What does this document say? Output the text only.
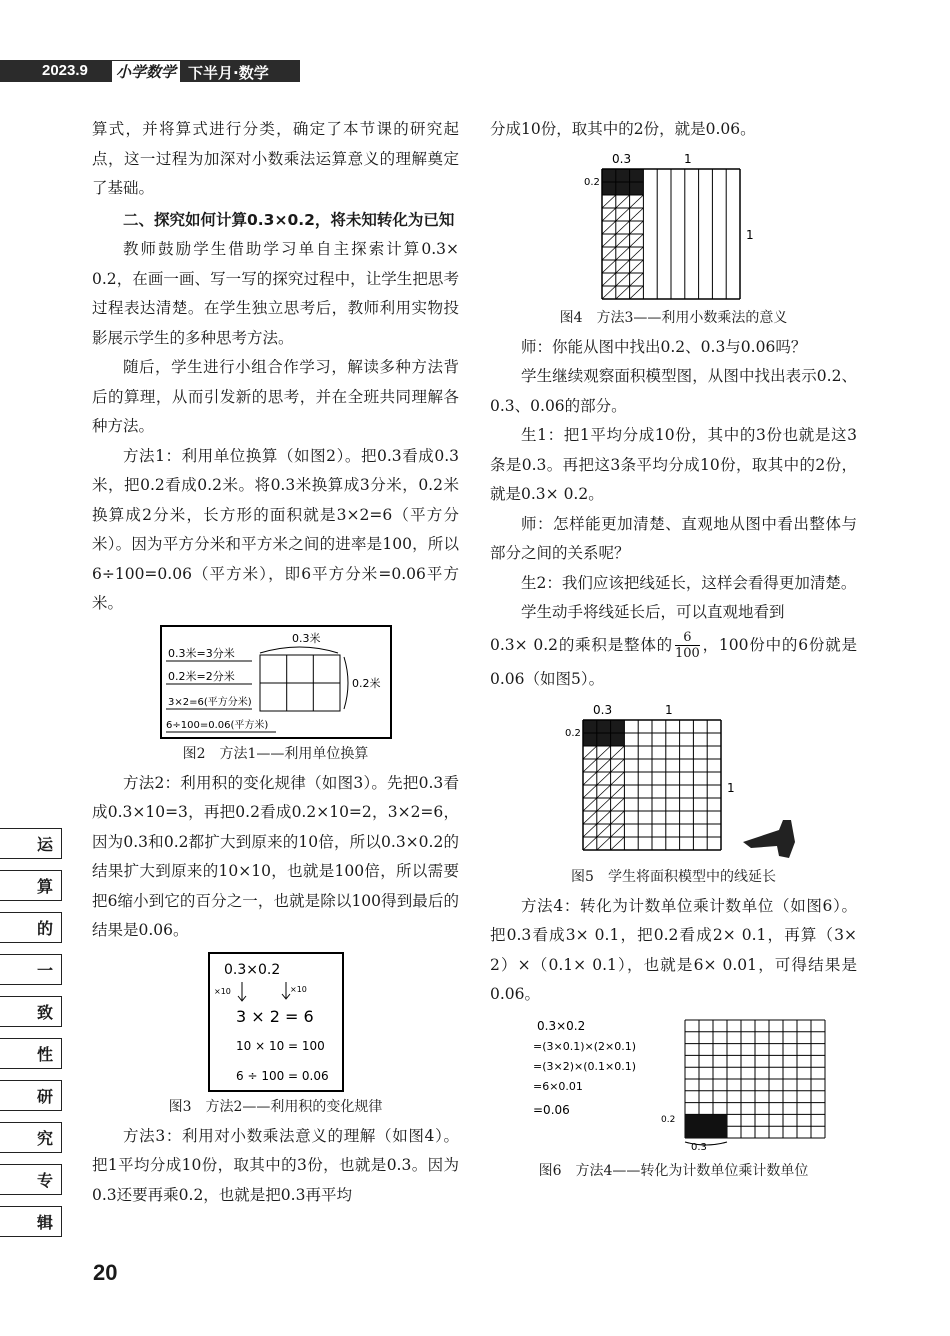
2023.9 小学数学 下半月·数学

算式，并将算式进行分类，确定了本节课的研究起点，这一过程为加深对小数乘法运算意义的理解奠定了基础。

二、探究如何计算0.3×0.2，将未知转化为已知

教师鼓励学生借助学习单自主探索计算0.3× 0.2，在画一画、写一写的探究过程中，让学生把思考过程表达清楚。在学生独立思考后，教师利用实物投影展示学生的多种思考方法。

随后，学生进行小组合作学习，解读多种方法背后的算理，从而引发新的思考，并在全班共同理解各种方法。

方法1：利用单位换算（如图2）。把0.3看成0.3米，把0.2看成0.2米。将0.3米换算成3分米，0.2米换算成2分米，长方形的面积就是3×2=6（平方分米）。因为平方分米和平方米之间的进率是100，所以6÷100=0.06（平方米），即6平方分米=0.06平方米。

0.3米=3分米
0.2米=2分米
3×2=6(平方分米)
6÷100=0.06(平方米)
0.3米
0.2米
图2　方法1——利用单位换算

方法2：利用积的变化规律（如图3）。先把0.3看成0.3×10=3，再把0.2看成0.2×10=2，3×2=6，因为0.3和0.2都扩大到原来的10倍，所以0.3×0.2的结果扩大到原来的10×10，也就是100倍，所以需要把6缩小到它的百分之一，也就是除以100得到最后的结果是0.06。

0.3×0.2
×10	×10
3 × 2 = 6
10 × 10 = 100
6 ÷ 100 = 0.06
图3　方法2——利用积的变化规律

方法3：利用对小数乘法意义的理解（如图4）。把1平均分成10份，取其中的3份，也就是0.3。因为0.3还要再乘0.2，也就是把0.3再平均

分成10份，取其中的2份，就是0.06。

0.3	1
0.2
1
图4　方法3——利用小数乘法的意义

师：你能从图中找出0.2、0.3与0.06吗？

学生继续观察面积模型图，从图中找出表示0.2、0.3、0.06的部分。

生1：把1平均分成10份，其中的3份也就是这3条是0.3。再把这3条平均分成10份，取其中的2份，就是0.3× 0.2。

师：怎样能更加清楚、直观地从图中看出整体与部分之间的关系呢？

生2：我们应该把线延长，这样会看得更加清楚。

学生动手将线延长后，可以直观地看到

0.3× 0.2的乘积是整体的 $\frac{6}{100}$ ，100份中的6份就是0.06（如图5）。

0.3	1
0.2
1
图5　学生将面积模型中的线延长

方法4：转化为计数单位乘计数单位（如图6）。把0.3看成3× 0.1，把0.2看成2× 0.1，再算（3× 2）×（0.1× 0.1），也就是6× 0.01，可得结果是0.06。

0.3×0.2
=(3×0.1)×(2×0.1)
=(3×2)×(0.1×0.1)
=6×0.01
=0.06
0.2
0.3
图6　方法4——转化为计数单位乘计数单位
运
算
的
一
致
性
研
究
专
辑
20
